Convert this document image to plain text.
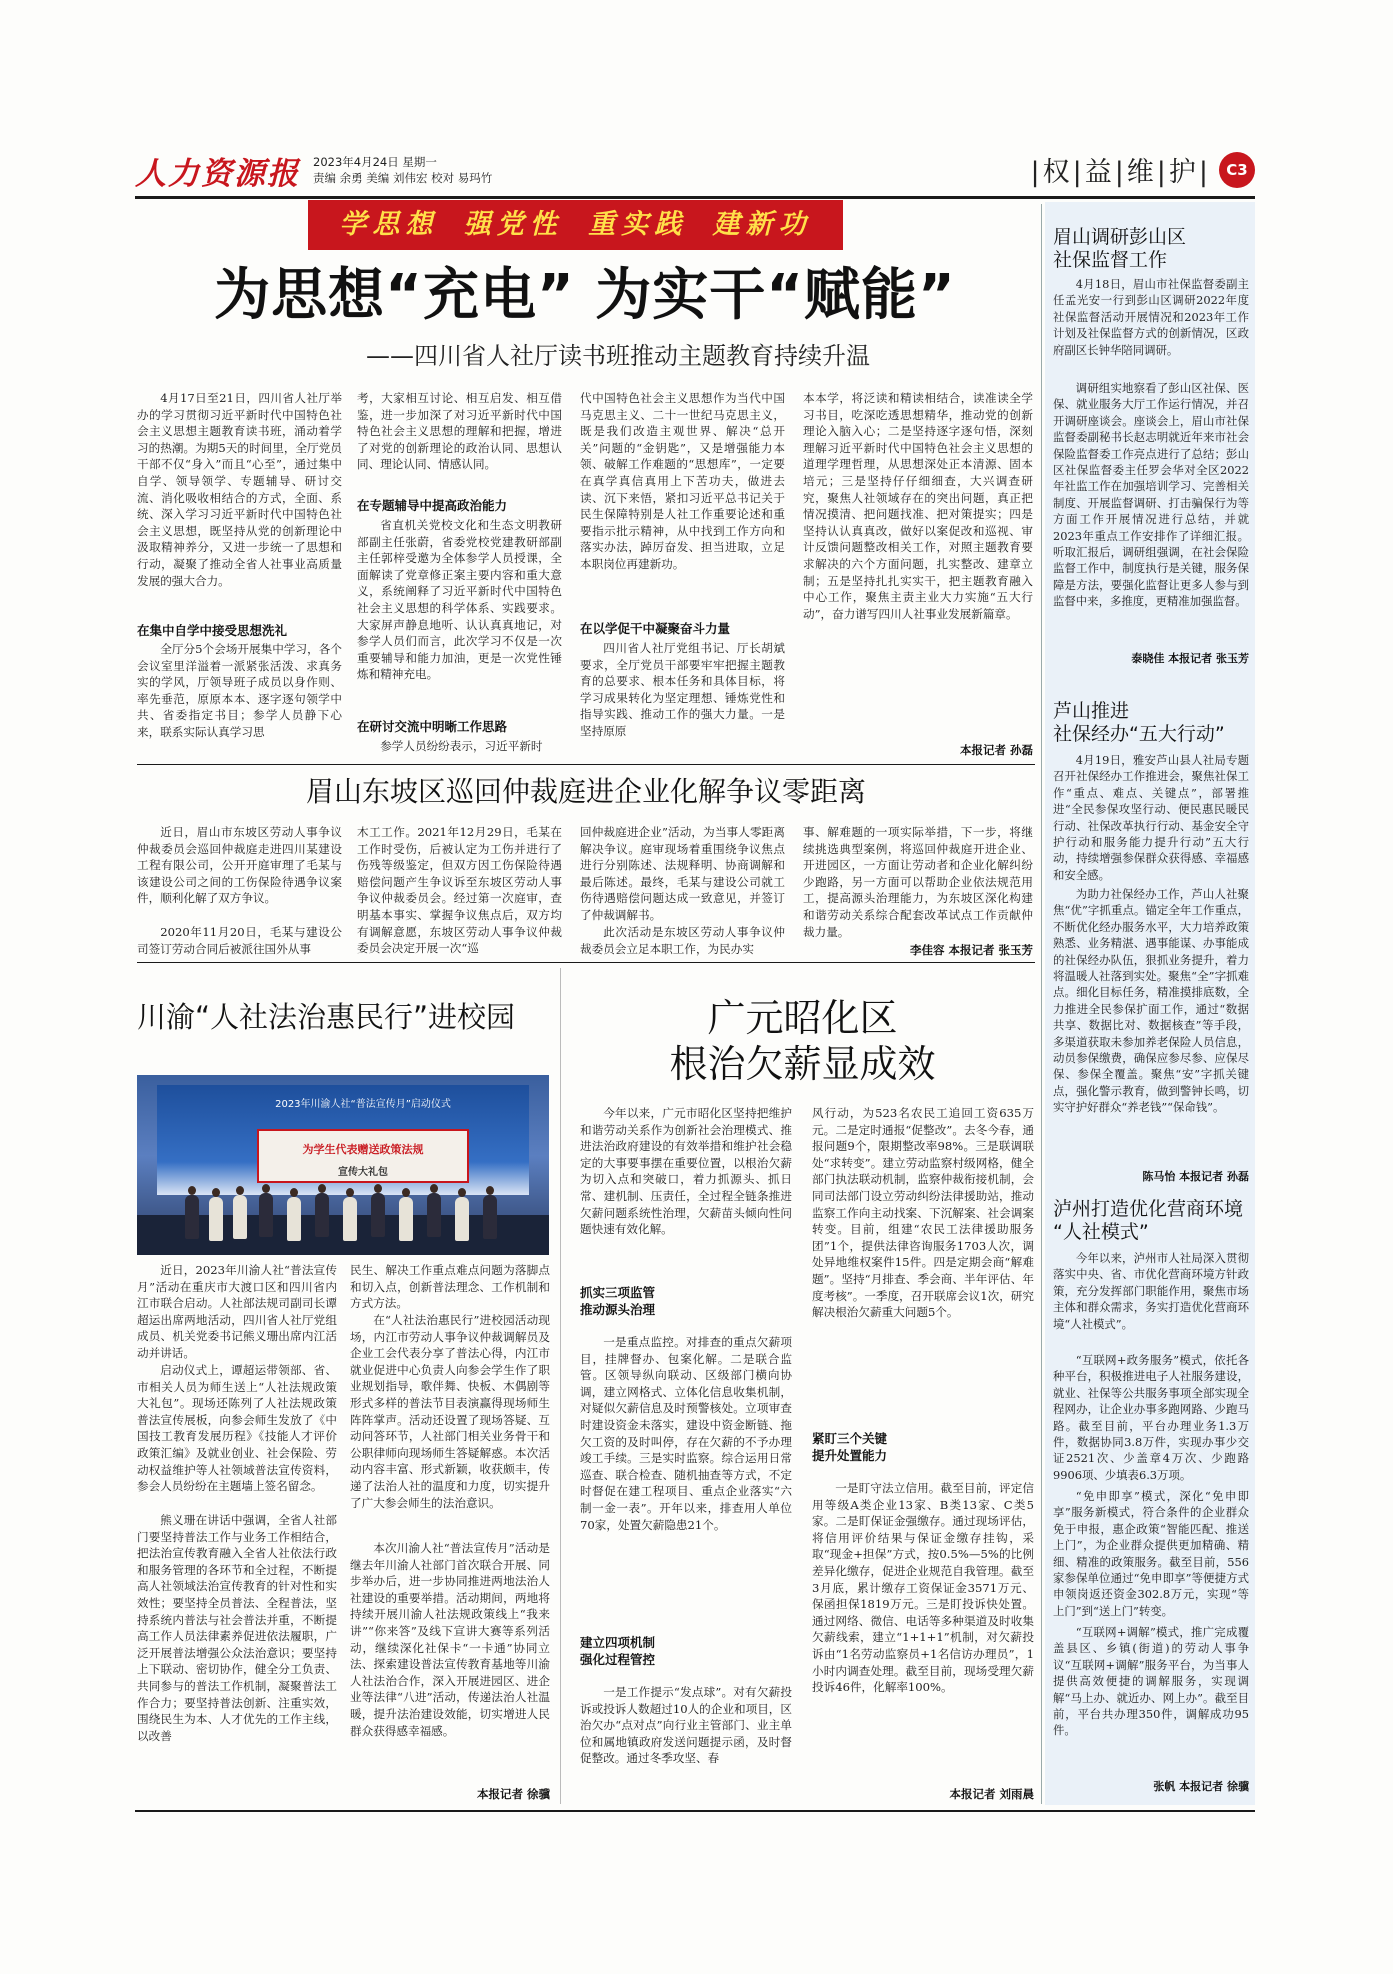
人力资源报 2023年4月24日 星期一
责编 余勇 美编 刘伟宏 校对 易玛竹	|权|益|维|护|	C3
学思想 强党性 重实践 建新功
为思想“充电” 为实干“赋能”
——四川省人社厅读书班推动主题教育持续升温
4月17日至21日，四川省人社厅举办的学习贯彻习近平新时代中国特色社会主义思想主题教育读书班，涌动着学习的热潮。为期5天的时间里，全厅党员干部不仅“身入”而且“心至”，通过集中自学、领导领学、专题辅导、研讨交流、消化吸收相结合的方式，全面、系统、深入学习习近平新时代中国特色社会主义思想，既坚持从党的创新理论中汲取精神养分，又进一步统一了思想和行动，凝聚了推动全省人社事业高质量发展的强大合力。
在集中自学中接受思想洗礼
全厅分5个会场开展集中学习，各个会议室里洋溢着一派紧张活泼、求真务实的学风，厅领导班子成员以身作则、率先垂范，原原本本、逐字逐句领学中共、省委指定书目；参学人员静下心来，联系实际认真学习思
考，大家相互讨论、相互启发、相互借鉴，进一步加深了对习近平新时代中国特色社会主义思想的理解和把握，增进了对党的创新理论的政治认同、思想认同、理论认同、情感认同。
在专题辅导中提高政治能力
省直机关党校文化和生态文明教研部副主任张蔚，省委党校党建教研部副主任郭梓受邀为全体参学人员授课，全面解读了党章修正案主要内容和重大意义，系统阐释了习近平新时代中国特色社会主义思想的科学体系、实践要求。大家屏声静息地听、认认真真地记，对参学人员们而言，此次学习不仅是一次重要辅导和能力加油，更是一次党性锤炼和精神充电。
在研讨交流中明晰工作思路
参学人员纷纷表示，习近平新时
代中国特色社会主义思想作为当代中国马克思主义、二十一世纪马克思主义，既是我们改造主观世界、解决“总开关”问题的“金钥匙”，又是增强能力本领、破解工作难题的“思想库”，一定要在真学真信真用上下苦功夫，做进去读、沉下来悟，紧扣习近平总书记关于民生保障特别是人社工作重要论述和重要指示批示精神，从中找到工作方向和落实办法，踔厉奋发、担当进取，立足本职岗位再建新功。
在以学促干中凝聚奋斗力量
四川省人社厅党组书记、厅长胡斌要求，全厅党员干部要牢牢把握主题教育的总要求、根本任务和具体目标，将学习成果转化为坚定理想、锤炼党性和指导实践、推动工作的强大力量。一是坚持原原
本本学，将泛读和精读相结合，读准读全学习书目，吃深吃透思想精华，推动党的创新理论入脑入心；二是坚持逐字逐句悟，深刻理解习近平新时代中国特色社会主义思想的道理学理哲理，从思想深处正本清源、固本培元；三是坚持仔仔细细查，大兴调查研究，聚焦人社领域存在的突出问题，真正把情况摸清、把问题找准、把对策提实；四是坚持认认真真改，做好以案促改和巡视、审计反馈问题整改相关工作，对照主题教育要求解决的六个方面问题，扎实整改、建章立制；五是坚持扎扎实实干，把主题教育融入中心工作，聚焦主责主业大力实施“五大行动”，奋力谱写四川人社事业发展新篇章。
本报记者 孙磊
眉山东坡区巡回仲裁庭进企业化解争议零距离
近日，眉山市东坡区劳动人事争议仲裁委员会巡回仲裁庭走进四川某建设工程有限公司，公开开庭审理了毛某与该建设公司之间的工伤保险待遇争议案件，顺利化解了双方争议。
2020年11月20日，毛某与建设公司签订劳动合同后被派往国外从事
木工工作。2021年12月29日，毛某在工作时受伤，后被认定为工伤并进行了伤残等级鉴定，但双方因工伤保险待遇赔偿问题产生争议诉至东坡区劳动人事争议仲裁委员会。经过第一次庭审，查明基本事实、掌握争议焦点后，双方均有调解意愿，东坡区劳动人事争议仲裁委员会决定开展一次“巡
回仲裁庭进企业”活动，为当事人零距离解决争议。庭审现场着重围绕争议焦点进行分别陈述、法规释明、协商调解和最后陈述。最终，毛某与建设公司就工伤待遇赔偿问题达成一致意见，并签订了仲裁调解书。
此次活动是东坡区劳动人事争议仲裁委员会立足本职工作，为民办实
事、解难题的一项实际举措，下一步，将继续挑选典型案例，将巡回仲裁庭开进企业、开进园区，一方面让劳动者和企业化解纠纷少跑路，另一方面可以帮助企业依法规范用工，提高源头治理能力，为东坡区深化构建和谐劳动关系综合配套改革试点工作贡献仲裁力量。
李佳容 本报记者 张玉芳
川渝“人社法治惠民行”进校园
2023年川渝人社“普法宣传月”启动仪式
为学生代表赠送政策法规
宣传大礼包
近日，2023年川渝人社“普法宣传月”活动在重庆市大渡口区和四川省内江市联合启动。人社部法规司副司长谭超运出席两地活动，四川省人社厅党组成员、机关党委书记熊义珊出席内江活动并讲话。
启动仪式上，谭超运带领部、省、市相关人员为师生送上“人社法规政策大礼包”。现场还陈列了人社法规政策普法宣传展板，向参会师生发放了《中国技工教育发展历程》《技能人才评价政策汇编》及就业创业、社会保险、劳动权益维护等人社领域普法宣传资料，参会人员纷纷在主题墙上签名留念。
熊义珊在讲话中强调，全省人社部门要坚持普法工作与业务工作相结合，把法治宣传教育融入全省人社依法行政和服务管理的各环节和全过程，不断提高人社领域法治宣传教育的针对性和实效性；要坚持全员普法、全程普法，坚持系统内普法与社会普法并重，不断提高工作人员法律素养促进依法履职，广泛开展普法增强公众法治意识；要坚持上下联动、密切协作，健全分工负责、共同参与的普法工作机制，凝聚普法工作合力；要坚持普法创新、注重实效，围绕民生为本、人才优先的工作主线，以改善
民生、解决工作重点难点问题为落脚点和切入点，创新普法理念、工作机制和方式方法。
在“人社法治惠民行”进校园活动现场，内江市劳动人事争议仲裁调解员及企业工会代表分享了普法心得，内江市就业促进中心负责人向参会学生作了职业规划指导，歌伴舞、快板、木偶剧等形式多样的普法节目表演赢得现场师生阵阵掌声。活动还设置了现场答疑、互动问答环节，人社部门相关业务骨干和公职律师向现场师生答疑解惑。本次活动内容丰富、形式新颖，收获颇丰，传递了法治人社的温度和力度，切实提升了广大参会师生的法治意识。
本次川渝人社“普法宣传月”活动是继去年川渝人社部门首次联合开展、同步举办后，进一步协同推进两地法治人社建设的重要举措。活动期间，两地将持续开展川渝人社法规政策线上“我来讲”“你来答”及线下宣讲大赛等系列活动，继续深化社保卡“一卡通”协同立法、探索建设普法宣传教育基地等川渝人社法治合作，深入开展进园区、进企业等法律“八进”活动，传递法治人社温暖，提升法治建设效能，切实增进人民群众获得感幸福感。
本报记者 徐骥
广元昭化区
根治欠薪显成效
今年以来，广元市昭化区坚持把维护和谐劳动关系作为创新社会治理模式、推进法治政府建设的有效举措和维护社会稳定的大事要事摆在重要位置，以根治欠薪为切入点和突破口，着力抓源头、抓日常、建机制、压责任，全过程全链条推进欠薪问题系统性治理，欠薪苗头倾向性问题快速有效化解。
抓实三项监管
推动源头治理
一是重点监控。对排查的重点欠薪项目，挂牌督办、包案化解。二是联合监管。区领导纵向联动、区级部门横向协调，建立网格式、立体化信息收集机制，对疑似欠薪信息及时预警核处。立项审查时建设资金未落实，建设中资金断链、拖欠工资的及时叫停，存在欠薪的不予办理竣工手续。三是实时监察。综合运用日常巡查、联合检查、随机抽查等方式，不定时督促在建工程项目、重点企业落实“六制一金一表”。开年以来，排查用人单位70家，处置欠薪隐患21个。
建立四项机制
强化过程管控
一是工作提示“发点球”。对有欠薪投诉或投诉人数超过10人的企业和项目，区治欠办“点对点”向行业主管部门、业主单位和属地镇政府发送问题提示函，及时督促整改。通过冬季攻坚、春
风行动，为523名农民工追回工资635万元。二是定时通报“促整改”。去冬今春，通报问题9个，限期整改率98%。三是联调联处“求转变”。建立劳动监察村级网格，健全部门执法联动机制，监察仲裁衔接机制，会同司法部门设立劳动纠纷法律援助站，推动监察工作向主动找案、下沉解案、社会调案转变。目前，组建“农民工法律援助服务团”1个，提供法律咨询服务1703人次，调处异地维权案件15件。四是定期会商“解难题”。坚持“月排查、季会商、半年评估、年度考核”。一季度，召开联席会议1次，研究解决根治欠薪重大问题5个。
紧盯三个关键
提升处置能力
一是盯守法立信用。截至目前，评定信用等级A类企业13家、B类13家、C类5家。二是盯保证金强缴存。通过现场评估，将信用评价结果与保证金缴存挂钩，采取“现金+担保”方式，按0.5%—5%的比例差异化缴存，促进企业规范自我管理。截至3月底，累计缴存工资保证金3571万元、保函担保1819万元。三是盯投诉快处置。通过网络、微信、电话等多种渠道及时收集欠薪线索，建立“1+1+1”机制，对欠薪投诉由“1名劳动监察员+1名信访办理员”，1小时内调查处理。截至目前，现场受理欠薪投诉46件，化解率100%。
本报记者 刘雨晨
眉山调研彭山区
社保监督工作
4月18日，眉山市社保监督委副主任孟光安一行到彭山区调研2022年度社保监督活动开展情况和2023年工作计划及社保监督方式的创新情况，区政府副区长钟华陪同调研。
调研组实地察看了彭山区社保、医保、就业服务大厅工作运行情况，并召开调研座谈会。座谈会上，眉山市社保监督委副秘书长赵志明就近年来市社会保险监督委工作亮点进行了总结；彭山区社保监督委主任罗会华对全区2022年社监工作在加强培训学习、完善相关制度、开展监督调研、打击骗保行为等方面工作开展情况进行总结，并就2023年重点工作安排作了详细汇报。听取汇报后，调研组强调，在社会保险监督工作中，制度执行是关键，服务保障是方法，要强化监督让更多人参与到监督中来，多推度，更精准加强监督。
泰晓佳 本报记者 张玉芳
芦山推进
社保经办“五大行动”
4月19日，雅安芦山县人社局专题召开社保经办工作推进会，聚焦社保工作“重点、难点、关键点”，部署推进“全民参保攻坚行动、便民惠民暖民行动、社保改革执行行动、基金安全守护行动和服务能力提升行动”五大行动，持续增强参保群众获得感、幸福感和安全感。
为助力社保经办工作，芦山人社聚焦“优”字抓重点。锚定全年工作重点，不断优化经办服务水平，大力培养政策熟悉、业务精湛、遇事能谋、办事能成的社保经办队伍，狠抓业务提升，着力将温暖人社落到实处。聚焦“全”字抓难点。细化目标任务，精准摸排底数，全力推进全民参保扩面工作，通过“数据共享、数据比对、数据核查”等手段，多渠道获取未参加养老保险人员信息，动员参保缴费，确保应参尽参、应保尽保、参保全覆盖。聚焦“安”字抓关键点，强化警示教育，做到警钟长鸣，切实守护好群众“养老钱”“保命钱”。
陈马怡 本报记者 孙磊
泸州打造优化营商环境
“人社模式”
今年以来，泸州市人社局深入贯彻落实中央、省、市优化营商环境方针政策，充分发挥部门职能作用，聚焦市场主体和群众需求，务实打造优化营商环境“人社模式”。
“互联网+政务服务”模式，依托各种平台，积极推进电子人社服务建设，就业、社保等公共服务事项全部实现全程网办，让企业办事多跑网路、少跑马路。截至目前，平台办理业务1.3万件，数据协同3.8万件，实现办事少交证2521次、少盖章4万次、少跑路9906项、少填表6.3万项。
“免申即享”模式，深化“免申即享”服务新模式，符合条件的企业群众免于申报，惠企政策“智能匹配、推送上门”，为企业群众提供更加精确、精细、精准的政策服务。截至目前，556家参保单位通过“免申即享”等便捷方式申领岗返还资金302.8万元，实现“等上门”到“送上门”转变。
“互联网+调解”模式，推广完成覆盖县区、乡镇(街道)的劳动人事争议“互联网+调解”服务平台，为当事人提供高效便捷的调解服务，实现调解“马上办、就近办、网上办”。截至目前，平台共办理350件，调解成功95件。
张帆 本报记者 徐骥
